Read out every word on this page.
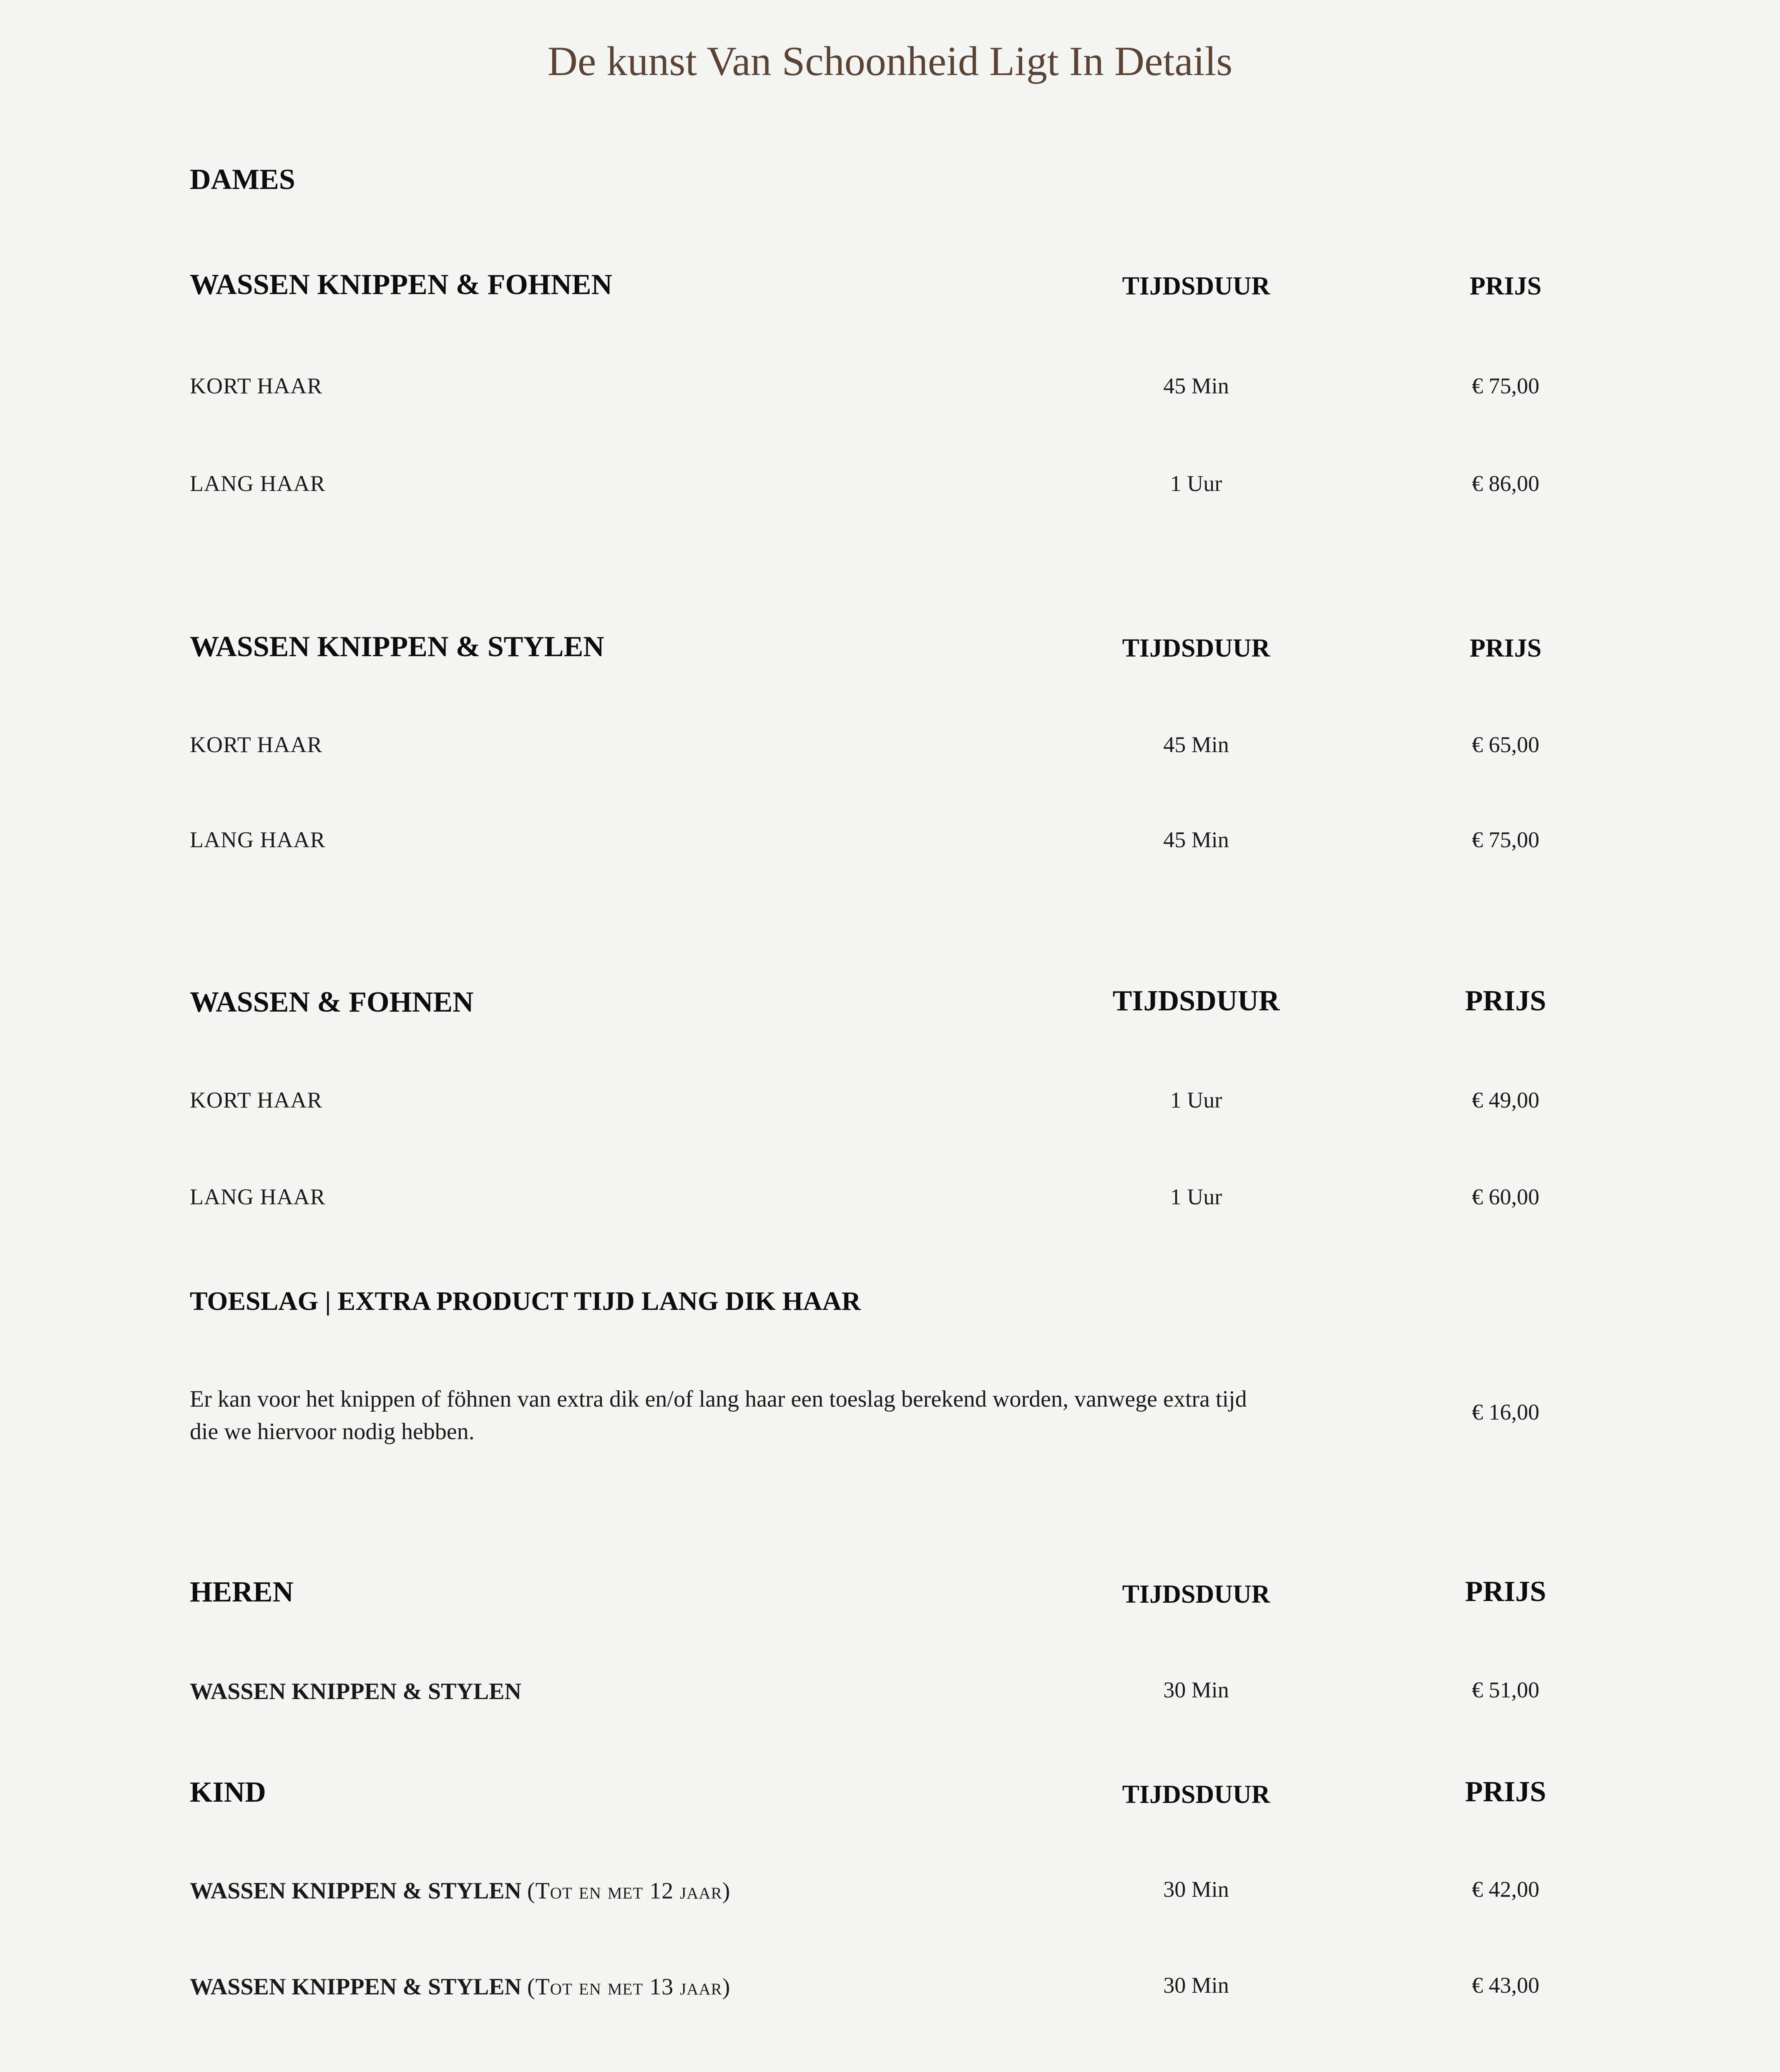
De kunst Van Schoonheid Ligt In Details
DAMES
WASSEN KNIPPEN & FOHNEN	TIJDSDUUR	PRIJS
KORT HAAR	45 Min	€ 75,00
LANG HAAR	1 Uur	€ 86,00
WASSEN KNIPPEN & STYLEN	TIJDSDUUR	PRIJS
KORT HAAR	45 Min	€ 65,00
LANG HAAR	45 Min	€ 75,00
WASSEN & FOHNEN	TIJDSDUUR	PRIJS
KORT HAAR	1 Uur	€ 49,00
LANG HAAR	1 Uur	€ 60,00
TOESLAG | EXTRA PRODUCT TIJD LANG DIK HAAR
Er kan voor het knippen of föhnen van extra dik en/of lang haar een toeslag berekend worden, vanwege extra tijd die we hiervoor nodig hebben.
€ 16,00
HEREN	TIJDSDUUR	PRIJS
WASSEN KNIPPEN & STYLEN	30 Min	€ 51,00
KIND	TIJDSDUUR	PRIJS
WASSEN KNIPPEN & STYLEN (Tot en met 12 jaar)	30 Min	€ 42,00
WASSEN KNIPPEN & STYLEN (Tot en met 13 jaar)	30 Min	€ 43,00
